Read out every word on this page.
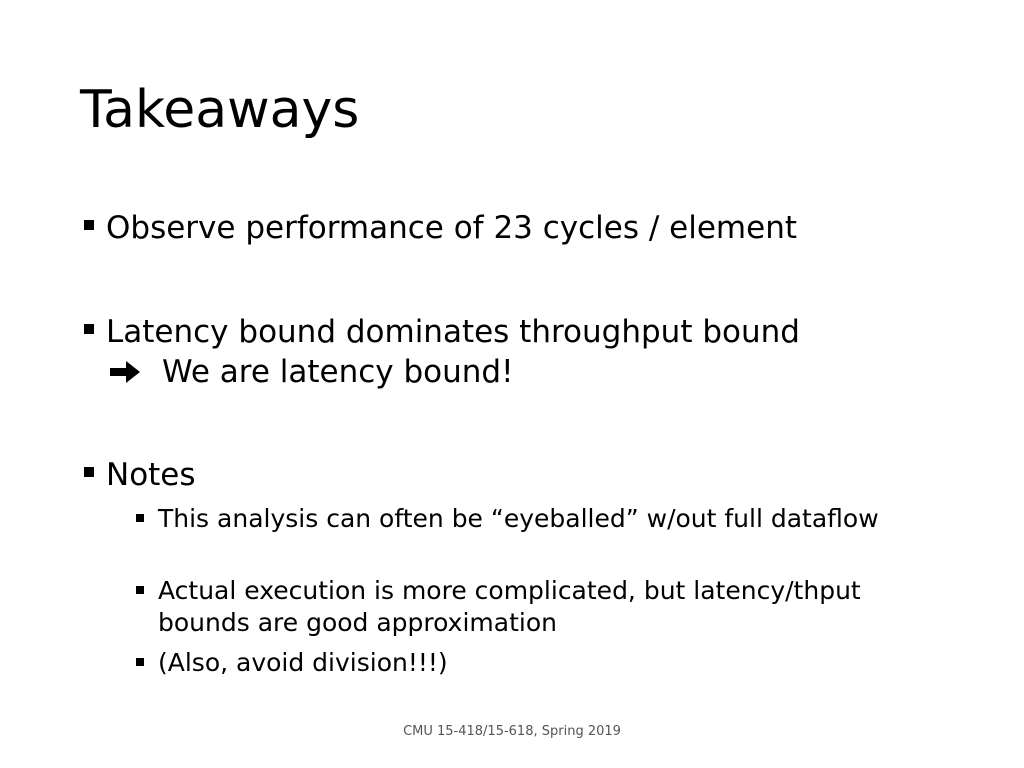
Takeaways
Observe performance of 23 cycles / element
Latency bound dominates throughput bound
We are latency bound!
Notes
This analysis can often be “eyeballed” w/out full dataflow
Actual execution is more complicated, but latency/thput bounds are good approximation
(Also, avoid division!!!)
CMU 15-418/15-618, Spring 2019
